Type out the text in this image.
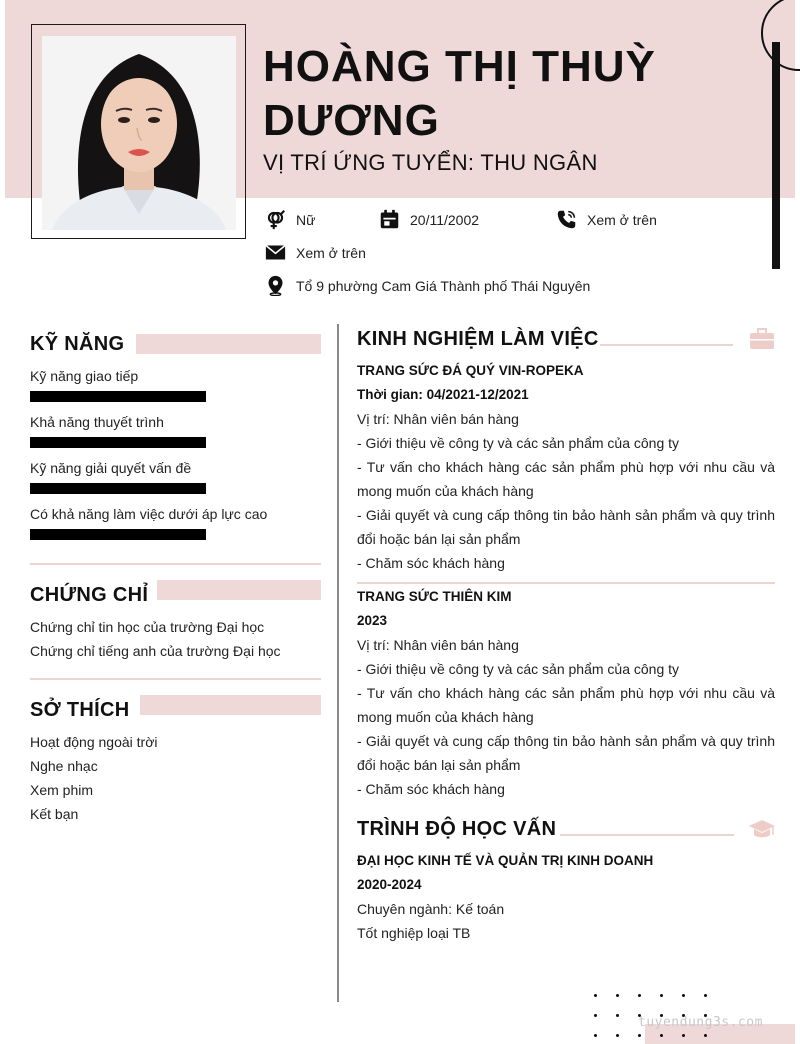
HOÀNG THỊ THUỲ
DƯƠNG
VỊ TRÍ ỨNG TUYỂN: THU NGÂN
Nữ	20/11/2002	Xem ở trên
Xem ở trên
Tổ 9 phường Cam Giá Thành phố Thái Nguyên
KỸ NĂNG
Kỹ năng giao tiếp
Khả năng thuyết trình
Kỹ năng giải quyết vấn đề
Có khả năng làm việc dưới áp lực cao
CHỨNG CHỈ
Chứng chỉ tin học của trường Đại học
Chứng chỉ tiếng anh của trường Đại học
SỞ THÍCH
Hoạt động ngoài trời
Nghe nhạc
Xem phim
Kết bạn
KINH NGHIỆM LÀM VIỆC
TRANG SỨC ĐÁ QUÝ VIN-ROPEKA
Thời gian: 04/2021-12/2021
Vị trí: Nhân viên bán hàng
- Giới thiệu về công ty và các sản phẩm của công ty
- Tư vấn cho khách hàng các sản phẩm phù hợp với nhu cầu và mong muốn của khách hàng
- Giải quyết và cung cấp thông tin bảo hành sản phẩm và quy trình đổi hoặc bán lại sản phẩm
- Chăm sóc khách hàng
TRANG SỨC THIÊN KIM
2023
Vị trí: Nhân viên bán hàng
- Giới thiệu về công ty và các sản phẩm của công ty
- Tư vấn cho khách hàng các sản phẩm phù hợp với nhu cầu và mong muốn của khách hàng
- Giải quyết và cung cấp thông tin bảo hành sản phẩm và quy trình đổi hoặc bán lại sản phẩm
- Chăm sóc khách hàng
TRÌNH ĐỘ HỌC VẤN
ĐẠI HỌC KINH TẾ VÀ QUẢN TRỊ KINH DOANH
2020-2024
Chuyên ngành: Kế toán
Tốt nghiệp loại TB
tuyendung3s.com
